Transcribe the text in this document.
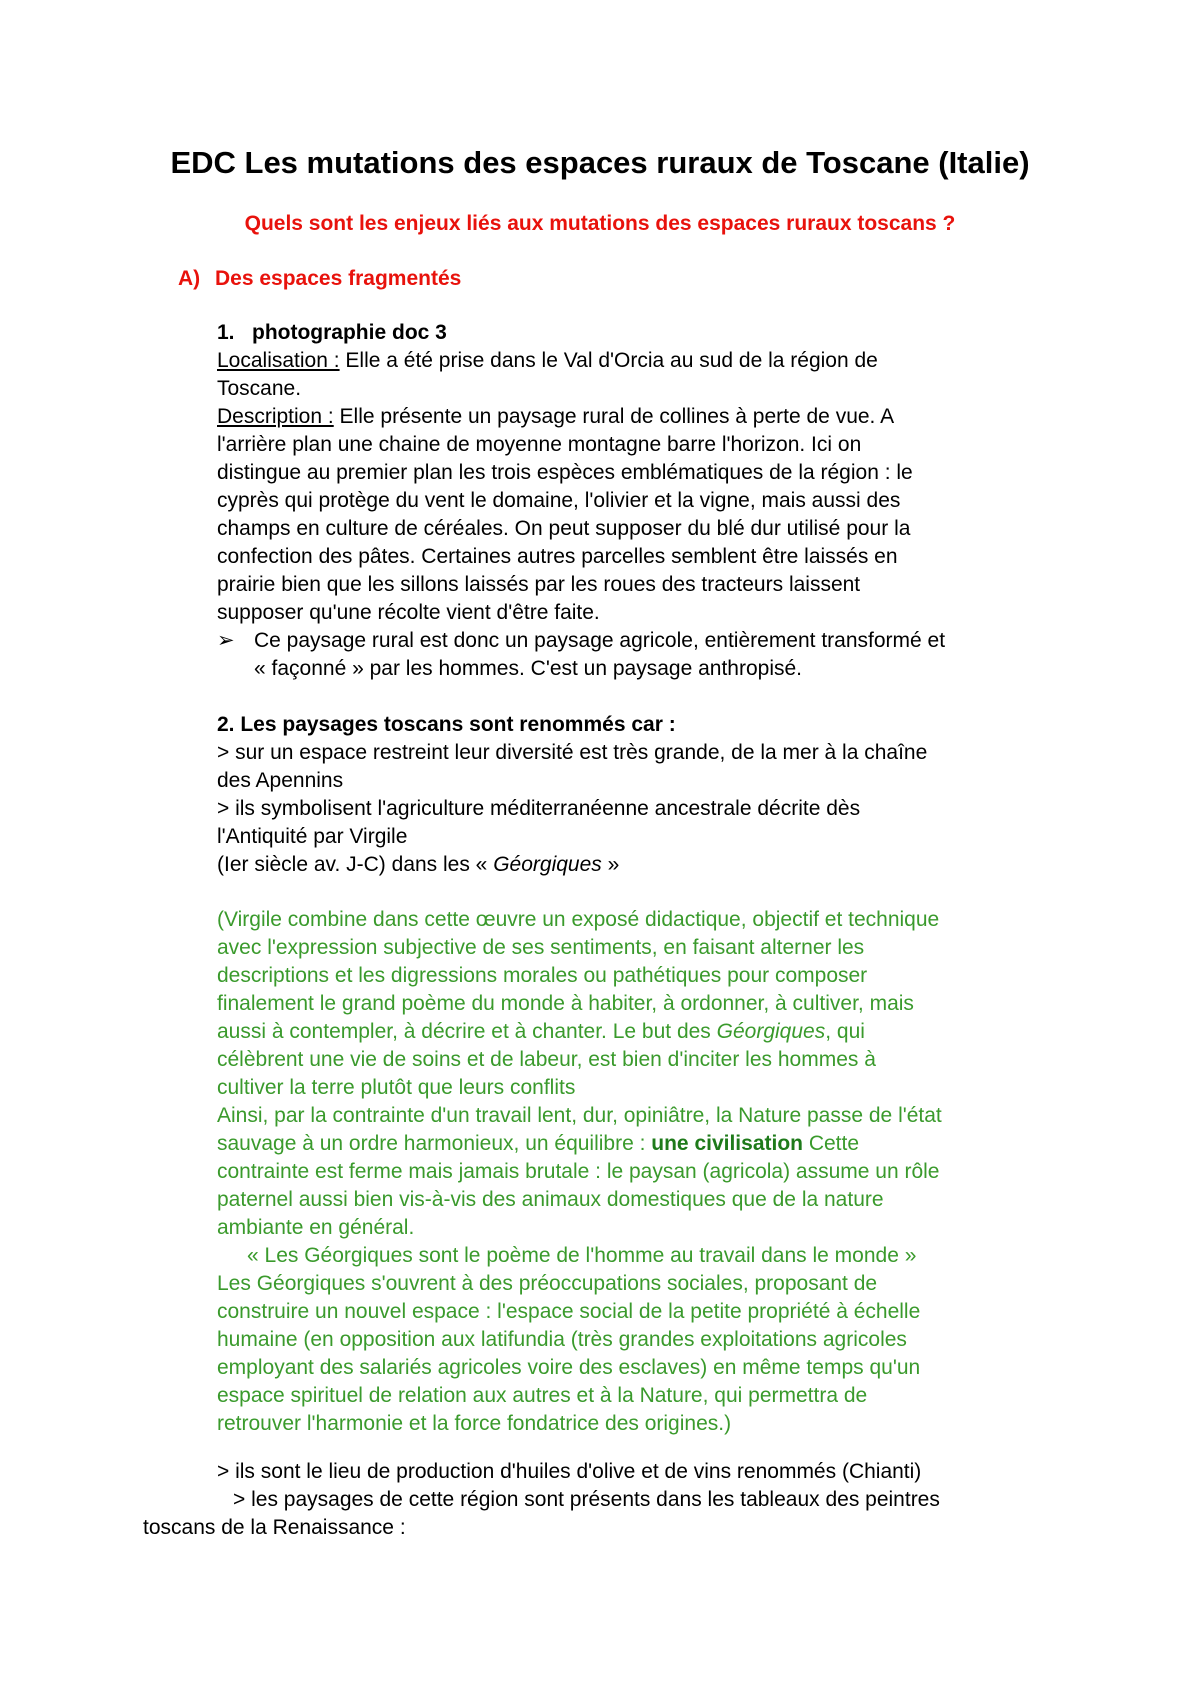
EDC Les mutations des espaces ruraux de Toscane (Italie)
Quels sont les enjeux liés aux mutations des espaces ruraux toscans ?
A) Des espaces fragmentés

1. photographie doc 3

Localisation : Elle a été prise dans le Val d'Orcia au sud de la région de

Toscane.

Description : Elle présente un paysage rural de collines à perte de vue. A

l'arrière plan une chaine de moyenne montagne barre l'horizon. Ici on

distingue au premier plan les trois espèces emblématiques de la région : le

cyprès qui protège du vent le domaine, l'olivier et la vigne, mais aussi des

champs en culture de céréales. On peut supposer du blé dur utilisé pour la

confection des pâtes. Certaines autres parcelles semblent être laissés en

prairie bien que les sillons laissés par les roues des tracteurs laissent

supposer qu'une récolte vient d'être faite.

➢ Ce paysage rural est donc un paysage agricole, entièrement transformé et

« façonné » par les hommes. C'est un paysage anthropisé.

2. Les paysages toscans sont renommés car :

> sur un espace restreint leur diversité est très grande, de la mer à la chaîne

des Apennins

> ils symbolisent l'agriculture méditerranéenne ancestrale décrite dès

l'Antiquité par Virgile

(Ier siècle av. J-C) dans les « Géorgiques »

(Virgile combine dans cette œuvre un exposé didactique, objectif et technique

avec l'expression subjective de ses sentiments, en faisant alterner les

descriptions et les digressions morales ou pathétiques pour composer

finalement le grand poème du monde à habiter, à ordonner, à cultiver, mais

aussi à contempler, à décrire et à chanter. Le but des Géorgiques, qui

célèbrent une vie de soins et de labeur, est bien d'inciter les hommes à

cultiver la terre plutôt que leurs conflits

Ainsi, par la contrainte d'un travail lent, dur, opiniâtre, la Nature passe de l'état

sauvage à un ordre harmonieux, un équilibre : une civilisation Cette

contrainte est ferme mais jamais brutale : le paysan (agricola) assume un rôle

paternel aussi bien vis-à-vis des animaux domestiques que de la nature

ambiante en général.

« Les Géorgiques sont le poème de l'homme au travail dans le monde »

Les Géorgiques s'ouvrent à des préoccupations sociales, proposant de

construire un nouvel espace : l'espace social de la petite propriété à échelle

humaine (en opposition aux latifundia (très grandes exploitations agricoles

employant des salariés agricoles voire des esclaves) en même temps qu'un

espace spirituel de relation aux autres et à la Nature, qui permettra de

retrouver l'harmonie et la force fondatrice des origines.)

> ils sont le lieu de production d'huiles d'olive et de vins renommés (Chianti)

> les paysages de cette région sont présents dans les tableaux des peintres

toscans de la Renaissance :
